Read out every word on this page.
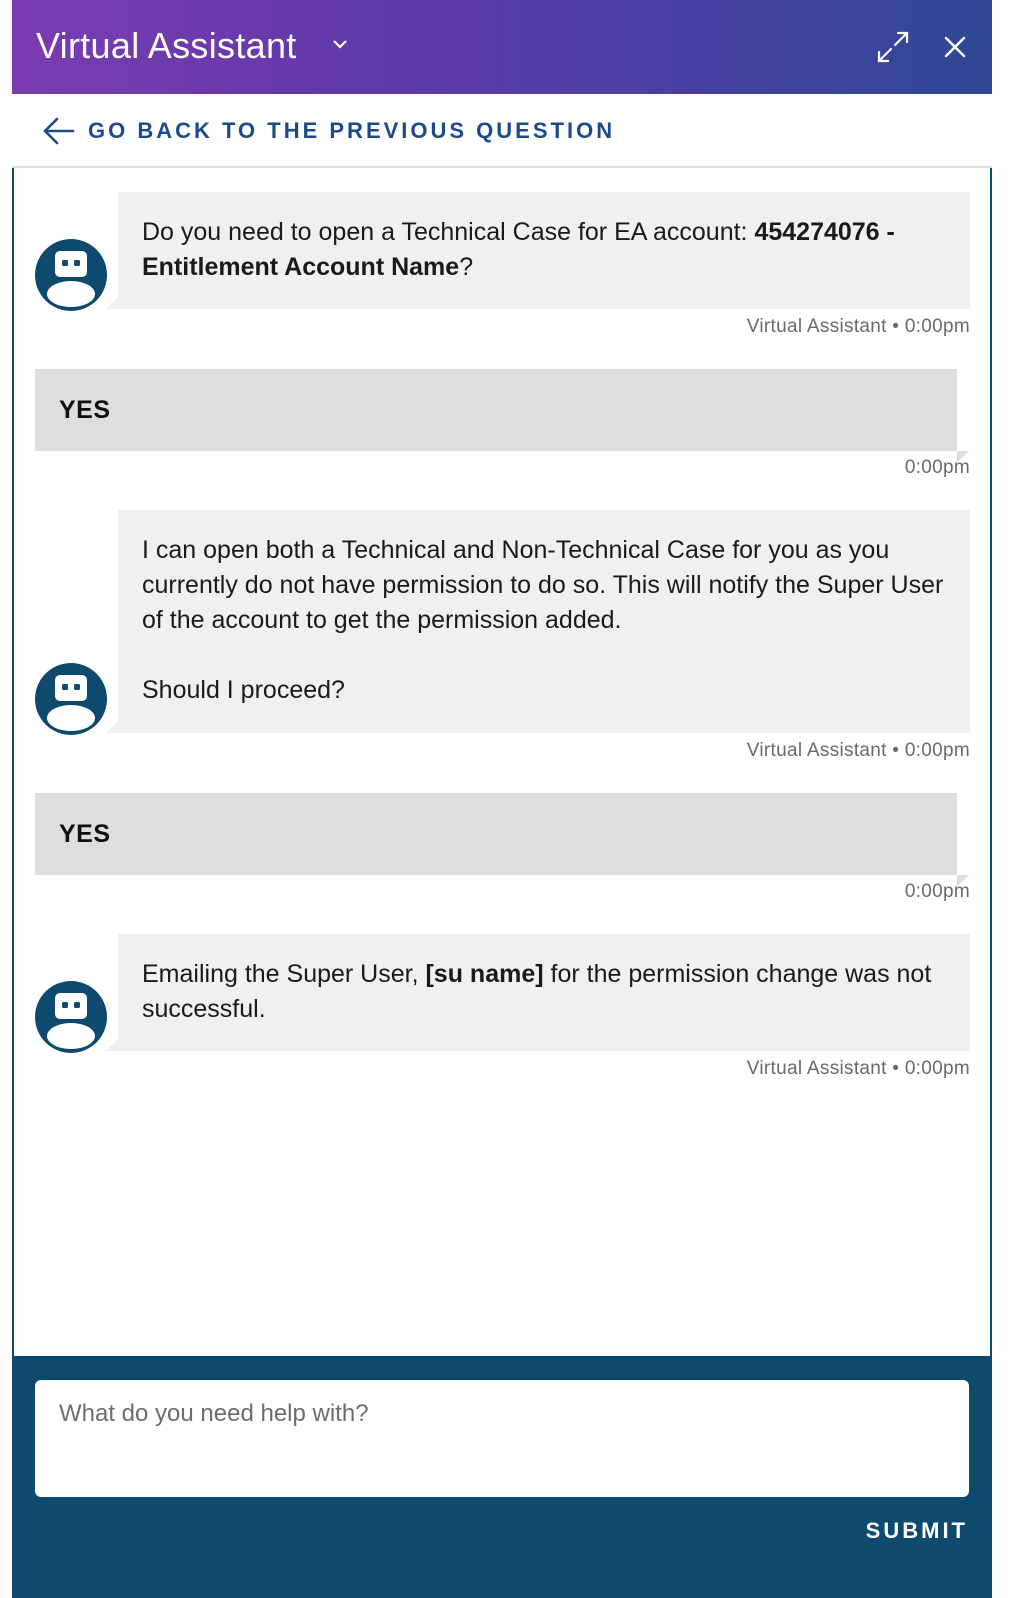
Virtual Assistant
GO BACK TO THE PREVIOUS QUESTION
Do you need to open a Technical Case for EA account: 454274076 - Entitlement Account Name?
Virtual Assistant • 0:00pm
YES
0:00pm
I can open both a Technical and Non-Technical Case for you as you currently do not have permission to do so. This will notify the Super User of the account to get the permission added.
Should I proceed?
Virtual Assistant • 0:00pm
YES
0:00pm
Emailing the Super User, [su name] for the permission change was not successful.
Virtual Assistant • 0:00pm
What do you need help with?
SUBMIT
